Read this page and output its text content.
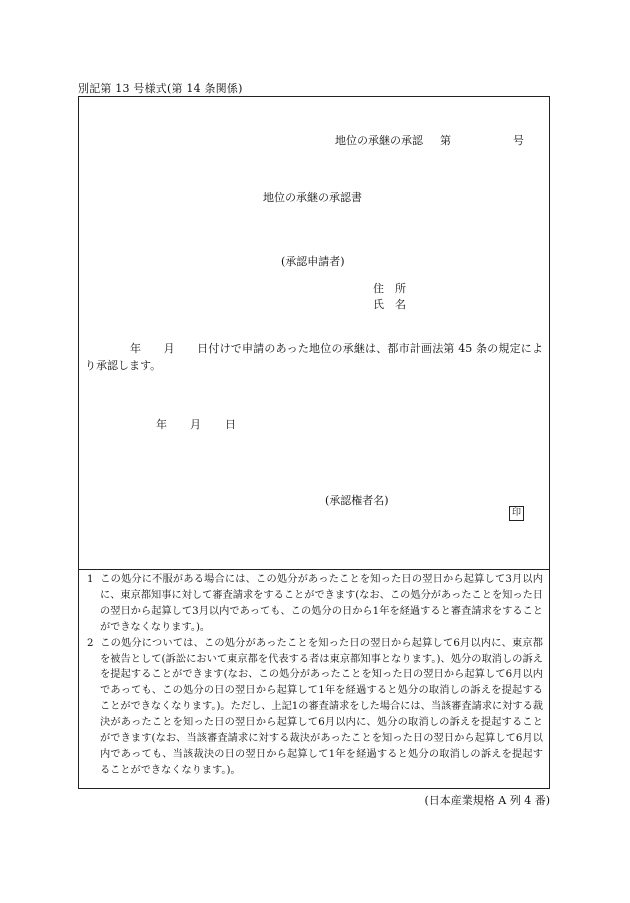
別記第 13 号様式(第 14 条関係)
地位の承継の承認 第	号
地位の承継の承認書
(承認申請者)
住　所
氏　名
年　　月　　日付けで申請のあった地位の承継は、都市計画法第 45 条の規定により承認します。
年 月 日
(承認権者名)
印
1 この処分に不服がある場合には、この処分があったことを知った日の翌日から起算して3月以内に、東京都知事に対して審査請求をすることができます(なお、この処分があったことを知った日の翌日から起算して3月以内であっても、この処分の日から1年を経過すると審査請求をすることができなくなります。)。
2 この処分については、この処分があったことを知った日の翌日から起算して6月以内に、東京都を被告として(訴訟において東京都を代表する者は東京都知事となります。)、処分の取消しの訴えを提起することができます(なお、この処分があったことを知った日の翌日から起算して6月以内であっても、この処分の日の翌日から起算して1年を経過すると処分の取消しの訴えを提起することができなくなります。)。ただし、上記1の審査請求をした場合には、当該審査請求に対する裁決があったことを知った日の翌日から起算して6月以内に、処分の取消しの訴えを提起することができます(なお、当該審査請求に対する裁決があったことを知った日の翌日から起算して6月以内であっても、当該裁決の日の翌日から起算して1年を経過すると処分の取消しの訴えを提起することができなくなります。)。
(日本産業規格 A 列 4 番)
